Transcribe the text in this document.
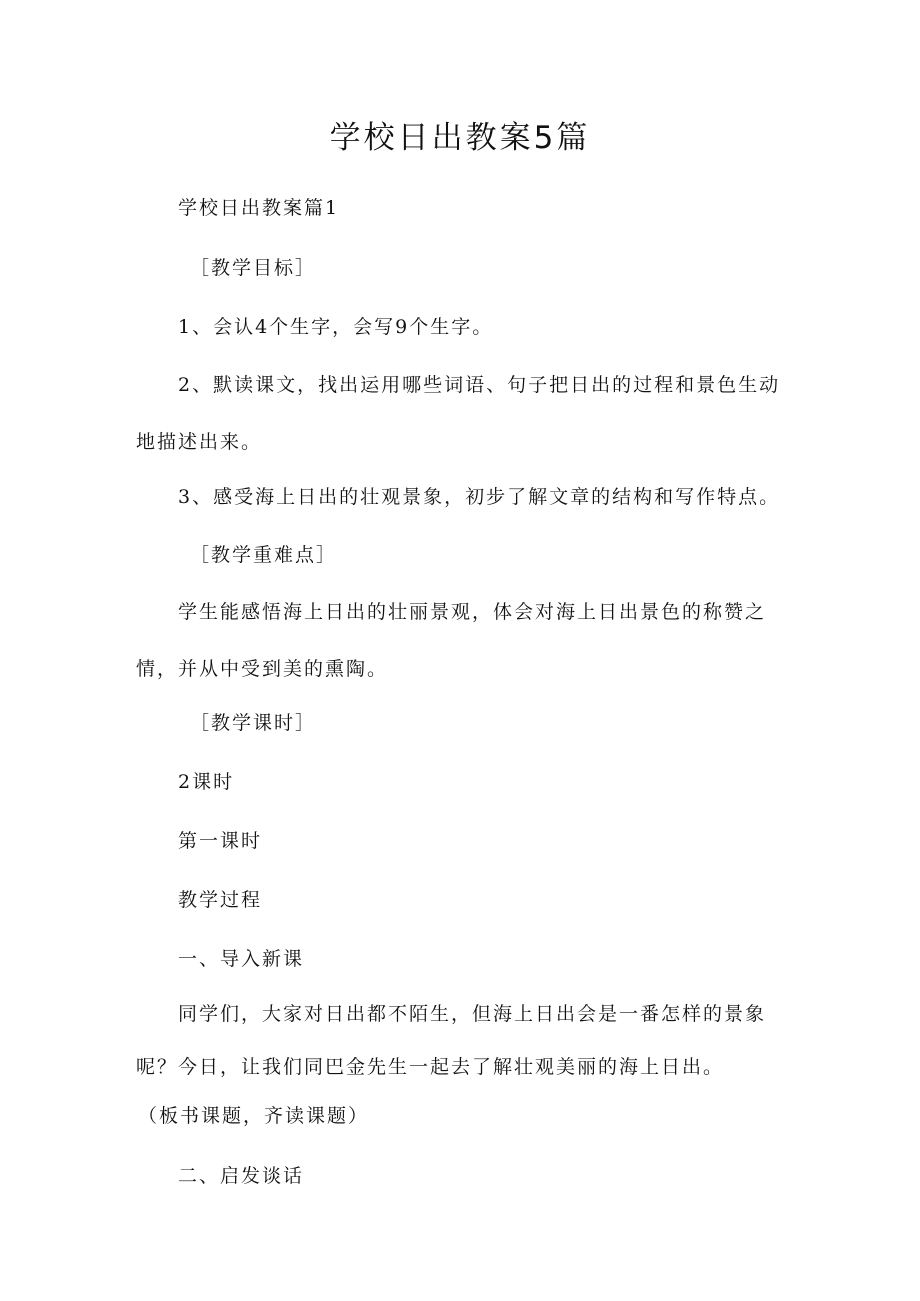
学校日出教案5篇
学校日出教案篇1
［教学目标］
1、会认4个生字，会写9个生字。
2、默读课文，找出运用哪些词语、句子把日出的过程和景色生动地描述出来。
3、感受海上日出的壮观景象，初步了解文章的结构和写作特点。
［教学重难点］
学生能感悟海上日出的壮丽景观，体会对海上日出景色的称赞之情，并从中受到美的熏陶。
［教学课时］
2课时
第一课时
教学过程
一、导入新课
同学们，大家对日出都不陌生，但海上日出会是一番怎样的景象呢？今日，让我们同巴金先生一起去了解壮观美丽的海上日出。
（板书课题，齐读课题）
二、启发谈话
